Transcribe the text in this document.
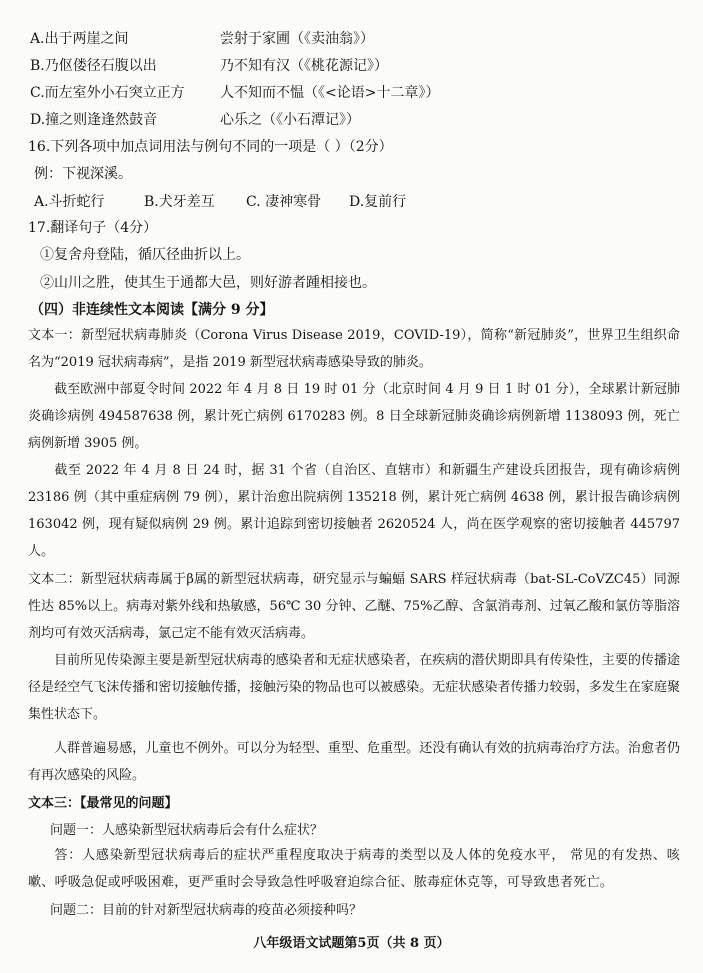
A.出于两崖之间	尝射于家圃（《卖油翁》）
B.乃伛偻径石腹以出	乃不知有汉（《桃花源记》）
C.而左室外小石突立正方	人不知而不愠（《<论语>十二章》）
D.撞之则逢逢然鼓音	心乐之（《小石潭记》）
16.下列各项中加点词用法与例句不同的一项是（ ）（2分）
例：下视深溪。
A.斗折蛇行	B.犬牙差互 C. 凄神寒骨 D.复前行
17.翻译句子（4分）
①复舍舟登陆，循仄径曲折以上。
②山川之胜，使其生于通都大邑，则好游者踵相接也。
（四）非连续性文本阅读【满分 9 分】
文本一：新型冠状病毒肺炎（Corona Virus Disease 2019，COVID-19），简称“新冠肺炎”，世界卫生组织命名为“2019 冠状病毒病”，是指 2019 新型冠状病毒感染导致的肺炎。
截至欧洲中部夏令时间 2022 年 4 月 8 日 19 时 01 分（北京时间 4 月 9 日 1 时 01 分），全球累计新冠肺炎确诊病例 494587638 例，累计死亡病例 6170283 例。8 日全球新冠肺炎确诊病例新增 1138093 例，死亡病例新增 3905 例。
截至 2022 年 4 月 8 日 24 时，据 31 个省（自治区、直辖市）和新疆生产建设兵团报告，现有确诊病例 23186 例（其中重症病例 79 例），累计治愈出院病例 135218 例，累计死亡病例 4638 例，累计报告确诊病例 163042 例，现有疑似病例 29 例。累计追踪到密切接触者 2620524 人，尚在医学观察的密切接触者 445797 人。
文本二：新型冠状病毒属于β属的新型冠状病毒，研究显示与蝙蝠 SARS 样冠状病毒（bat-SL-CoVZC45）同源性达 85%以上。病毒对紫外线和热敏感，56℃ 30 分钟、乙醚、75%乙醇、含氯消毒剂、过氧乙酸和氯仿等脂溶剂均可有效灭活病毒，氯己定不能有效灭活病毒。
目前所见传染源主要是新型冠状病毒的感染者和无症状感染者，在疾病的潜伏期即具有传染性，主要的传播途径是经空气飞沫传播和密切接触传播，接触污染的物品也可以被感染。无症状感染者传播力较弱，多发生在家庭聚集性状态下。
人群普遍易感，儿童也不例外。可以分为轻型、重型、危重型。还没有确认有效的抗病毒治疗方法。治愈者仍有再次感染的风险。
文本三：【最常见的问题】
问题一：人感染新型冠状病毒后会有什么症状？
答：人感染新型冠状病毒后的症状严重程度取决于病毒的类型以及人体的免疫水平， 常见的有发热、咳嗽、呼吸急促或呼吸困难，更严重时会导致急性呼吸窘迫综合征、脓毒症休克等，可导致患者死亡。
问题二：目前的针对新型冠状病毒的疫苗必须接种吗？
八年级语文试题第5页（共 8 页）
